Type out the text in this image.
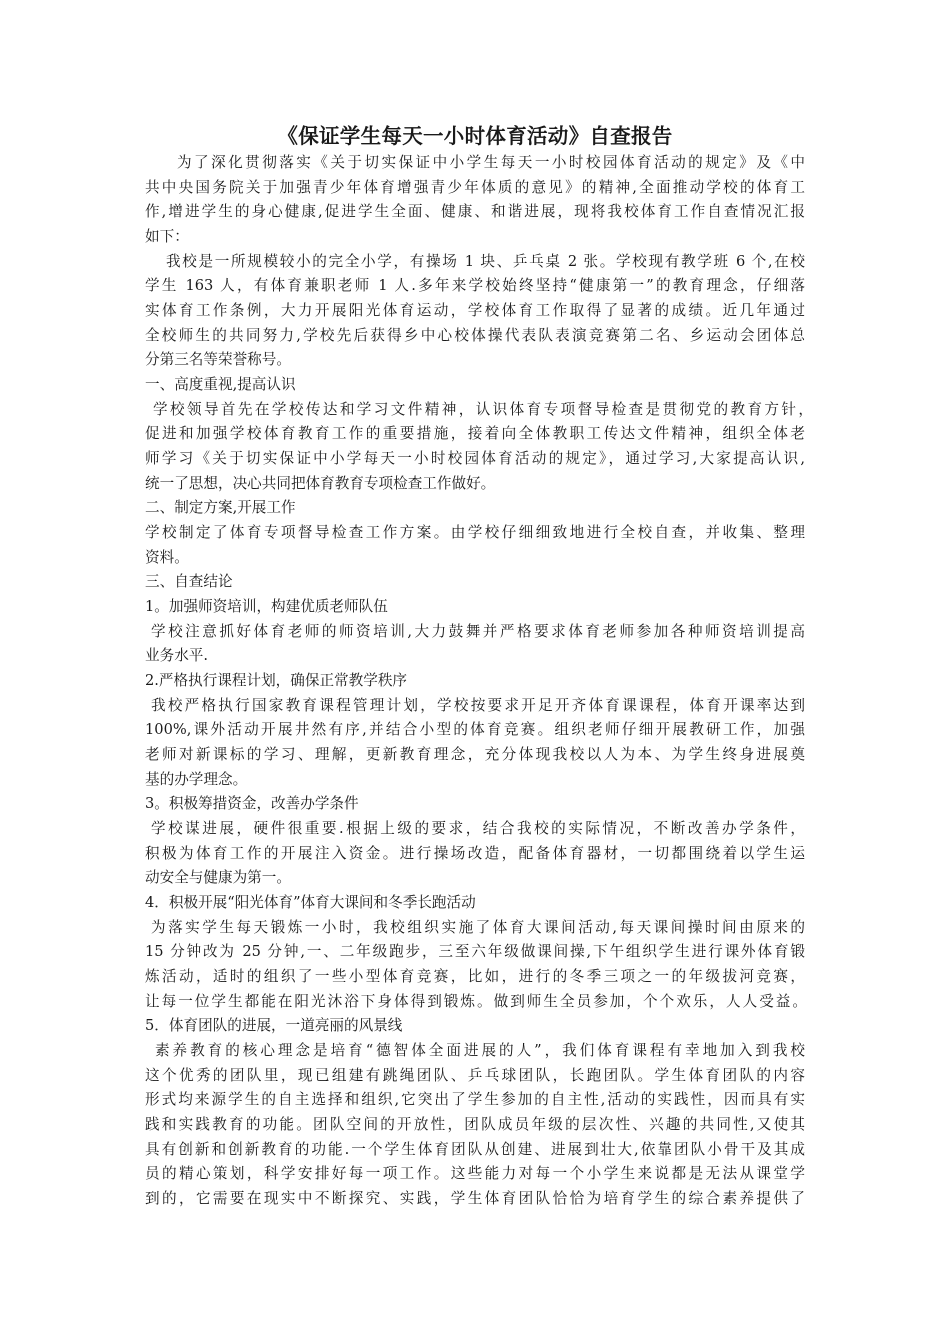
《保证学生每天一小时体育活动》自查报告

为了深化贯彻落实《关于切实保证中小学生每天一小时校园体育活动的规定》及《中

共中央国务院关于加强青少年体育增强青少年体质的意见》的精神,全面推动学校的体育工

作,增进学生的身心健康,促进学生全面、健康、和谐进展，现将我校体育工作自查情况汇报

如下：

我校是一所规模较小的完全小学，有操场 1 块、乒乓桌 2 张。学校现有教学班 6 个,在校

学生 163 人，有体育兼职老师 1 人.多年来学校始终坚持“健康第一”的教育理念，仔细落

实体育工作条例，大力开展阳光体育运动，学校体育工作取得了显著的成绩。近几年通过

全校师生的共同努力,学校先后获得乡中心校体操代表队表演竞赛第二名、乡运动会团体总

分第三名等荣誉称号。

一、高度重视,提高认识

学校领导首先在学校传达和学习文件精神，认识体育专项督导检查是贯彻党的教育方针，

促进和加强学校体育教育工作的重要措施，接着向全体教职工传达文件精神，组织全体老

师学习《关于切实保证中小学每天一小时校园体育活动的规定》，通过学习,大家提高认识,

统一了思想，决心共同把体育教育专项检查工作做好。

二、制定方案,开展工作

学校制定了体育专项督导检查工作方案。由学校仔细细致地进行全校自查，并收集、整理

资料。

三、自查结论

1。加强师资培训，构建优质老师队伍

学校注意抓好体育老师的师资培训,大力鼓舞并严格要求体育老师参加各种师资培训提高

业务水平.

2.严格执行课程计划，确保正常教学秩序

我校严格执行国家教育课程管理计划，学校按要求开足开齐体育课课程，体育开课率达到

100%,课外活动开展井然有序,并结合小型的体育竞赛。组织老师仔细开展教研工作，加强

老师对新课标的学习、理解，更新教育理念，充分体现我校以人为本、为学生终身进展奠

基的办学理念。

3。积极筹措资金，改善办学条件

学校谋进展，硬件很重要.根据上级的要求，结合我校的实际情况，不断改善办学条件，

积极为体育工作的开展注入资金。进行操场改造，配备体育器材，一切都围绕着以学生运

动安全与健康为第一。

4．积极开展“阳光体育”体育大课间和冬季长跑活动

为落实学生每天锻炼一小时，我校组织实施了体育大课间活动,每天课间操时间由原来的

15 分钟改为 25 分钟,一、二年级跑步，三至六年级做课间操,下午组织学生进行课外体育锻

炼活动，适时的组织了一些小型体育竞赛，比如，进行的冬季三项之一的年级拔河竞赛，

让每一位学生都能在阳光沐浴下身体得到锻炼。做到师生全员参加，个个欢乐，人人受益。

5．体育团队的进展，一道亮丽的风景线

素养教育的核心理念是培育“德智体全面进展的人”，我们体育课程有幸地加入到我校

这个优秀的团队里，现已组建有跳绳团队、乒乓球团队，长跑团队。学生体育团队的内容

形式均来源学生的自主选择和组织,它突出了学生参加的自主性,活动的实践性，因而具有实

践和实践教育的功能。团队空间的开放性，团队成员年级的层次性、兴趣的共同性,又使其

具有创新和创新教育的功能.一个学生体育团队从创建、进展到壮大,依靠团队小骨干及其成

员的精心策划，科学安排好每一项工作。这些能力对每一个小学生来说都是无法从课堂学

到的，它需要在现实中不断探究、实践，学生体育团队恰恰为培育学生的综合素养提供了
